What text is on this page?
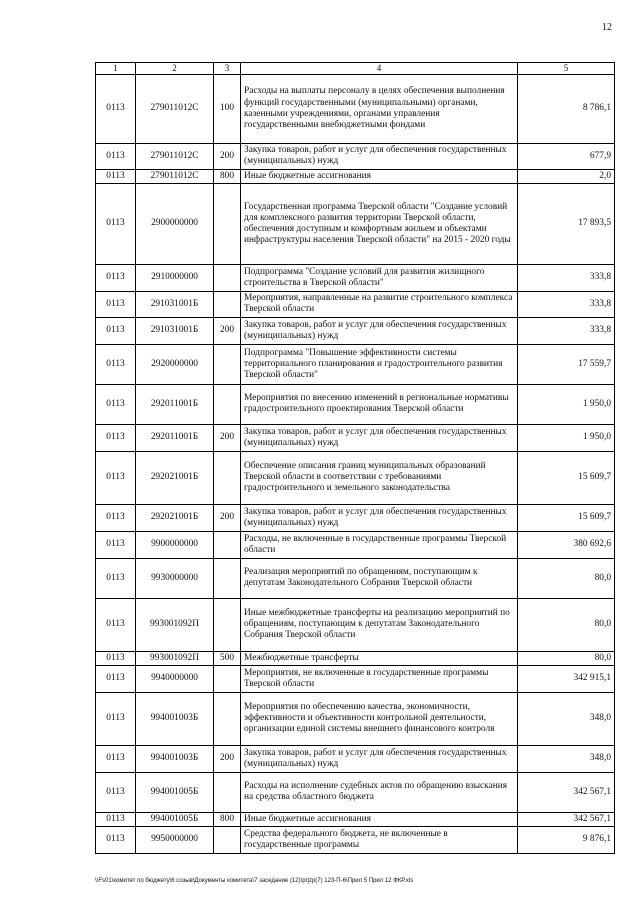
12
1	2	3	4	5
0113	279011012С	100	Расходы на выплаты персоналу в целях обеспечения выполнения функций государственными (муниципальными) органами, казенными учреждениями, органами управления государственными внебюджетными фондами	8 786,1
0113	279011012С	200	Закупка товаров, работ и услуг для обеспечения государственных (муниципальных) нужд	677,9
0113	279011012С	800	Иные бюджетные ассигнования	2,0
0113	2900000000		Государственная программа Тверской области "Создание условий для комплексного развития территории Тверской области, обеспечения доступным и комфортным жильем и объектами инфраструктуры населения Тверской области" на 2015 - 2020 годы	17 893,5
0113	2910000000		Подпрограмма "Создание условий для развития жилищного строительства в Тверской области"	333,8
0113	291031001Б		Мероприятия, направленные на развитие строительного комплекса Тверской области	333,8
0113	291031001Б	200	Закупка товаров, работ и услуг для обеспечения государственных (муниципальных) нужд	333,8
0113	2920000000		Подпрограмма "Повышение эффективности системы территориального планирования и градостроительного развития Тверской области"	17 559,7
0113	292011001Б		Мероприятия по внесению изменений в региональные нормативы градостроительного проектирования Тверской области	1 950,0
0113	292011001Б	200	Закупка товаров, работ и услуг для обеспечения государственных (муниципальных) нужд	1 950,0
0113	292021001Б		Обеспечение описания границ муниципальных образований Тверской области в соответствии с требованиями градостроительного и земельного законодательства	15 609,7
0113	292021001Б	200	Закупка товаров, работ и услуг для обеспечения государственных (муниципальных) нужд	15 609,7
0113	9900000000		Расходы, не включенные в государственные программы Тверской области	380 692,6
0113	9930000000		Реализация мероприятий по обращениям, поступающим к депутатам Законодательного Собрания Тверской области	80,0
0113	993001092П		Иные межбюджетные трансферты на реализацию мероприятий по обращениям, поступающим к депутатам Законодательного Собрания Тверской области	80,0
0113	993001092П	500	Межбюджетные трансферты	80,0
0113	9940000000		Мероприятия, не включенные в государственные программы Тверской области	342 915,1
0113	994001003Б		Мероприятия по обеспечению качества, экономичности, эффективности и объективности контрольной деятельности, организации единой системы внешнего финансового контроля	348,0
0113	994001003Б	200	Закупка товаров, работ и услуг для обеспечения государственных (муниципальных) нужд	348,0
0113	994001005Б		Расходы на исполнение судебных актов по обращению взыскания на средства областного бюджета	342 567,1
0113	994001005Б	800	Иные бюджетные ассигнования	342 567,1
0113	9950000000		Средства федерального бюджета, не включенные в государственные программы	9 876,1
\\Fs01\комитет по бюджету\6 созыв\Документы комитета\7 заседание (12)\prjzp(7) 123-П-6\Прил 5 Прил 12 ФКР.xls
